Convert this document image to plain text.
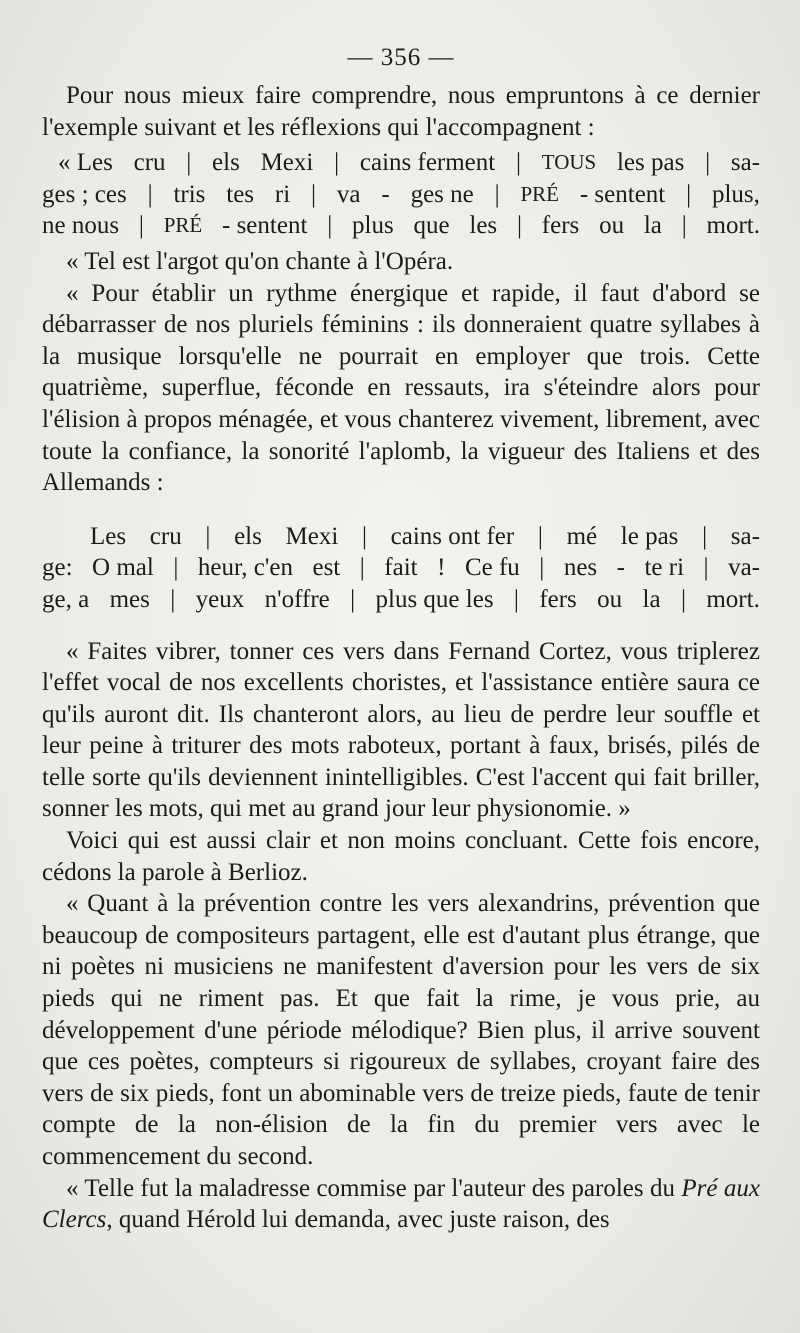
— 356 —

Pour nous mieux faire comprendre, nous empruntons à ce dernier l'exemple suivant et les réflexions qui l'accompagnent :

« Les cru | els Mexi | cains ferment | TOUS les pas | sa-
ges ; ces | tris tes ri | va - ges ne | PRÉ - sentent | plus,
ne nous | PRÉ - sentent | plus que les | fers ou la | mort.

« Tel est l'argot qu'on chante à l'Opéra.

« Pour établir un rythme énergique et rapide, il faut d'abord se débarrasser de nos pluriels féminins : ils donneraient quatre syllabes à la musique lorsqu'elle ne pourrait en employer que trois. Cette quatrième, superflue, féconde en ressauts, ira s'éteindre alors pour l'élision à propos ménagée, et vous chanterez vivement, librement, avec toute la confiance, la sonorité l'aplomb, la vigueur des Italiens et des Allemands :

Les cru | els Mexi | cains ont fer | mé le pas | sa-
ge: O mal | heur, c'en est | fait ! Ce fu | nes - te ri | va-
ge, a mes | yeux n'offre | plus que les | fers ou la | mort.

« Faites vibrer, tonner ces vers dans Fernand Cortez, vous triplerez l'effet vocal de nos excellents choristes, et l'assistance entière saura ce qu'ils auront dit. Ils chanteront alors, au lieu de perdre leur souffle et leur peine à triturer des mots raboteux, portant à faux, brisés, pilés de telle sorte qu'ils deviennent inintelligibles. C'est l'accent qui fait briller, sonner les mots, qui met au grand jour leur physionomie. »

Voici qui est aussi clair et non moins concluant. Cette fois encore, cédons la parole à Berlioz.

« Quant à la prévention contre les vers alexandrins, prévention que beaucoup de compositeurs partagent, elle est d'autant plus étrange, que ni poètes ni musiciens ne manifestent d'aversion pour les vers de six pieds qui ne riment pas. Et que fait la rime, je vous prie, au développement d'une période mélodique? Bien plus, il arrive souvent que ces poètes, compteurs si rigoureux de syllabes, croyant faire des vers de six pieds, font un abominable vers de treize pieds, faute de tenir compte de la non-élision de la fin du premier vers avec le commencement du second.

« Telle fut la maladresse commise par l'auteur des paroles du Pré aux Clercs, quand Hérold lui demanda, avec juste raison, des
